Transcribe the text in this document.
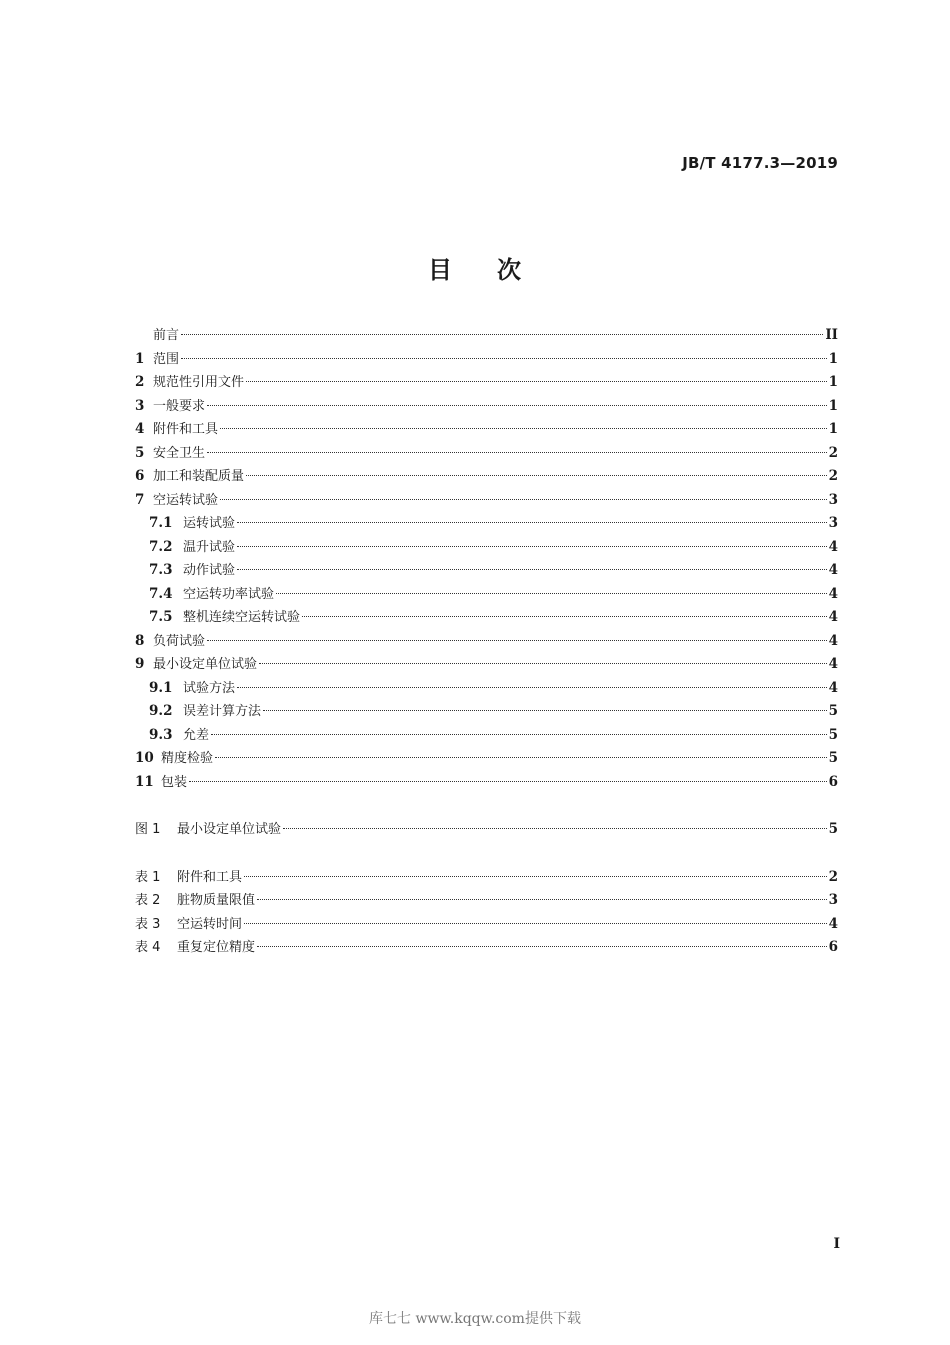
JB/T 4177.3—2019
目 次
前言	II
1 范围	1
2 规范性引用文件	1
3 一般要求	1
4 附件和工具	1
5 安全卫生	2
6 加工和装配质量	2
7 空运转试验	3
7.1 运转试验	3
7.2 温升试验	4
7.3 动作试验	4
7.4 空运转功率试验	4
7.5 整机连续空运转试验	4
8 负荷试验	4
9 最小设定单位试验	4
9.1 试验方法	4
9.2 误差计算方法	5
9.3 允差	5
10 精度检验	5
11 包装	6
图 1	最小设定单位试验	5
表 1	附件和工具	2
表 2	脏物质量限值	3
表 3	空运转时间	4
表 4	重复定位精度	6
I
库七七 www.kqqw.com提供下载
